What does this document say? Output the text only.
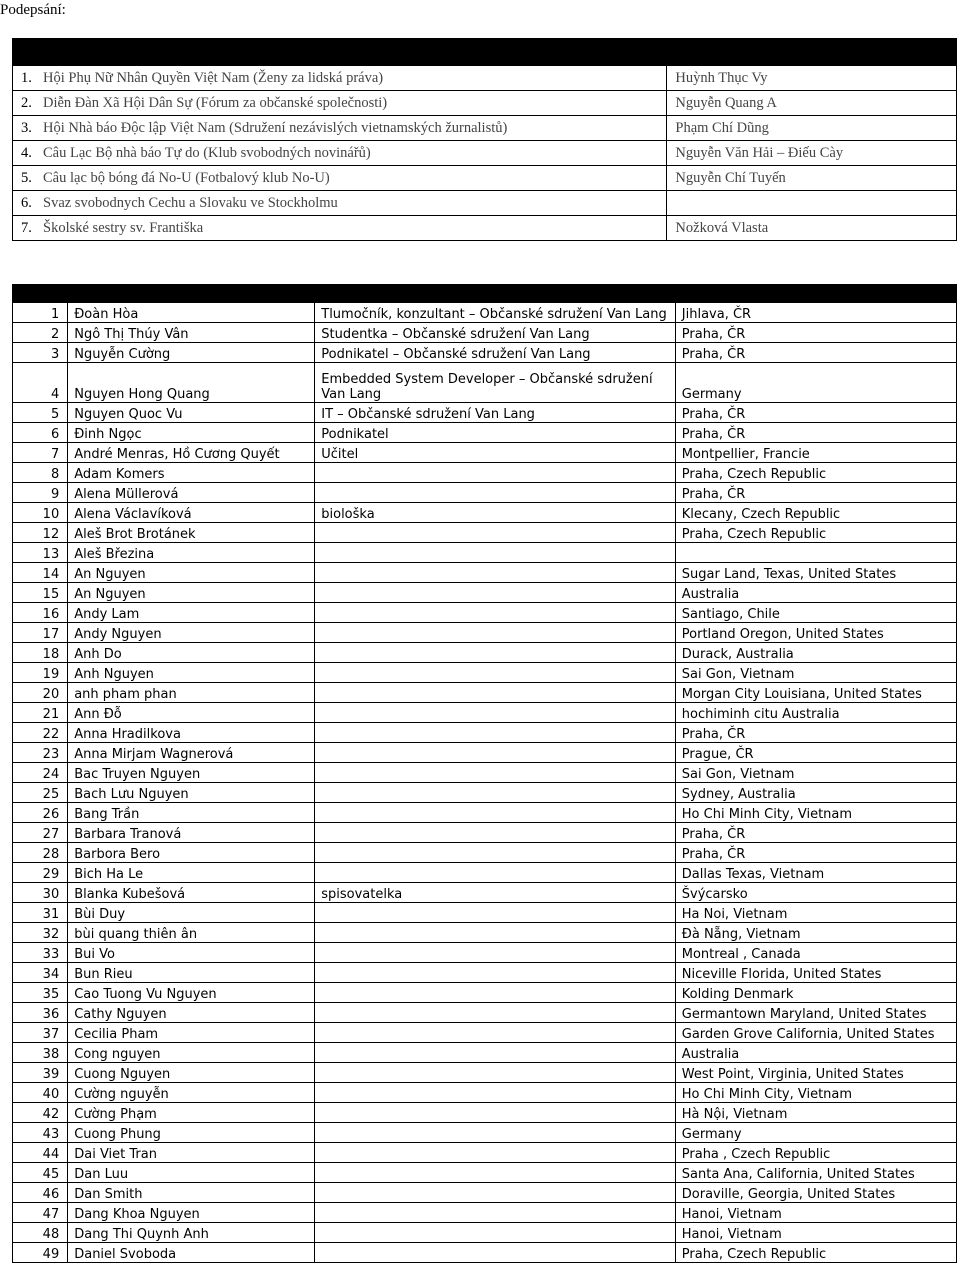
Podepsání:

1. Hội Phụ Nữ Nhân Quyền Việt Nam (Ženy za lidská práva)	Huỳnh Thục Vy
2. Diễn Đàn Xã Hội Dân Sự (Fórum za občanské společnosti)	Nguyễn Quang A
3. Hội Nhà báo Độc lập Việt Nam (Sdružení nezávislých vietnamských žurnalistů)	Phạm Chí Dũng
4. Câu Lạc Bộ nhà báo Tự do (Klub svobodných novinářů)	Nguyễn Văn Hải – Điếu Cày
5. Câu lạc bộ bóng đá No-U (Fotbalový klub No-U)	Nguyễn Chí Tuyến
6. Svaz svobodnych Cechu a Slovaku ve Stockholmu	
7. Školské sestry sv. Františka	Nožková Vlasta

1	Đoàn Hòa	Tlumočník, konzultant – Občanské sdružení Van Lang	Jihlava, ČR
2	Ngô Thị Thúy Vân	Studentka – Občanské sdružení Van Lang	Praha, ČR
3	Nguyễn Cường	Podnikatel – Občanské sdružení Van Lang	Praha, ČR
4	Nguyen Hong Quang	Embedded System Developer – Občanské sdružení Van Lang	Germany
5	Nguyen Quoc Vu	IT – Občanské sdružení Van Lang	Praha, ČR
6	Đinh Ngọc	Podnikatel	Praha, ČR
7	André Menras, Hồ Cương Quyết	Učitel	Montpellier, Francie
8	Adam Komers		Praha, Czech Republic
9	Alena Müllerová		Praha, ČR
10	Alena Václavíková	biološka	Klecany, Czech Republic
12	Aleš Brot Brotánek		Praha, Czech Republic
13	Aleš Březina		
14	An Nguyen		Sugar Land, Texas, United States
15	An Nguyen		Australia
16	Andy Lam		Santiago, Chile
17	Andy Nguyen		Portland Oregon, United States
18	Anh Do		Durack, Australia
19	Anh Nguyen		Sai Gon, Vietnam
20	anh pham phan		Morgan City Louisiana, United States
21	Ann Đỗ		hochiminh citu Australia
22	Anna Hradilkova		Praha, ČR
23	Anna Mirjam Wagnerová		Prague, ČR
24	Bac Truyen Nguyen		Sai Gon, Vietnam
25	Bach Lưu Nguyen		Sydney, Australia
26	Bang Trần		Ho Chi Minh City, Vietnam
27	Barbara Tranová		Praha, ČR
28	Barbora Bero		Praha, ČR
29	Bich Ha Le		Dallas Texas, Vietnam
30	Blanka Kubešová	spisovatelka	Švýcarsko
31	Bùi Duy		Ha Noi, Vietnam
32	bùi quang thiên ân		Đà Nẵng, Vietnam
33	Bui Vo		Montreal , Canada
34	Bun Rieu		Niceville Florida, United States
35	Cao Tuong Vu Nguyen		Kolding Denmark
36	Cathy Nguyen		Germantown Maryland, United States
37	Cecilia Pham		Garden Grove California, United States
38	Cong nguyen		Australia
39	Cuong Nguyen		West Point, Virginia, United States
40	Cường nguyễn		Ho Chi Minh City, Vietnam
42	Cường Phạm		Hà Nội, Vietnam
43	Cuong Phung		Germany
44	Dai Viet Tran		Praha , Czech Republic
45	Dan Luu		Santa Ana, California, United States
46	Dan Smith		Doraville, Georgia, United States
47	Dang Khoa Nguyen		Hanoi, Vietnam
48	Dang Thi Quynh Anh		Hanoi, Vietnam
49	Daniel Svoboda		Praha, Czech Republic
